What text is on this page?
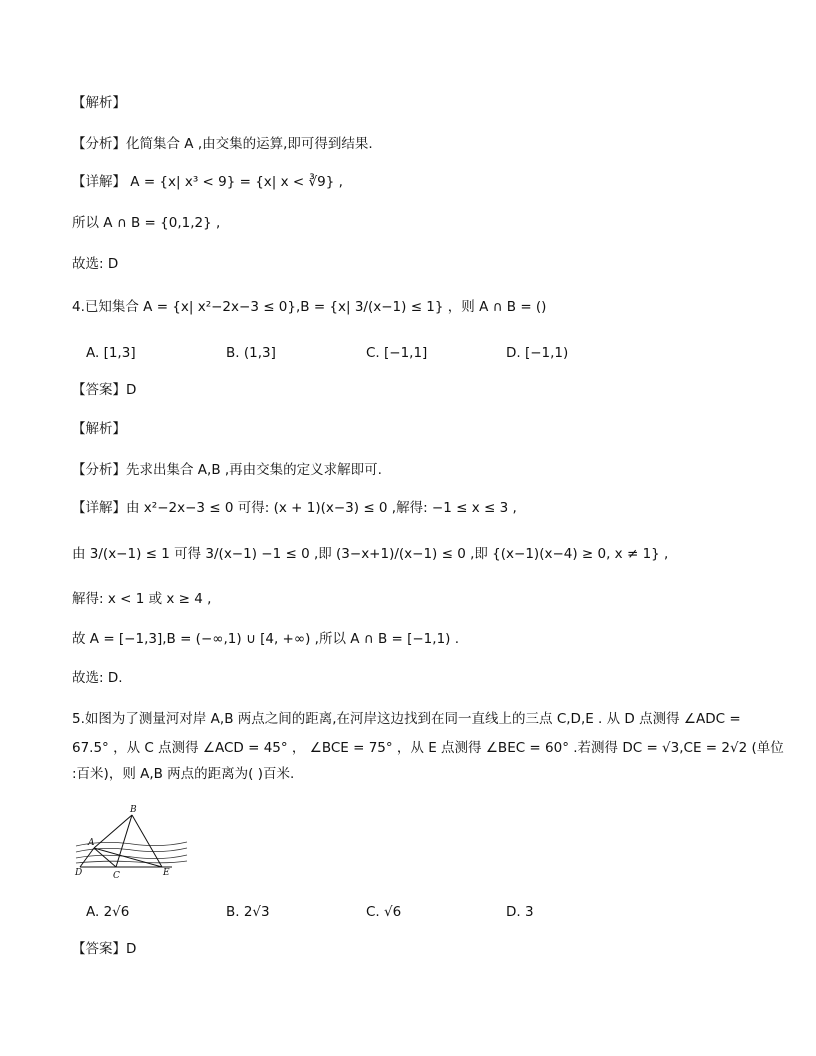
【解析】
【分析】化简集合 A ,由交集的运算,即可得到结果.
【详解】 A = {x| x³ < 9} = {x| x < ∛9} ,
所以 A ∩ B = {0,1,2} ,
故选: D
4.已知集合 A = {x| x²−2x−3 ≤ 0},B = {x| 3/(x−1) ≤ 1} ，则 A ∩ B = ()
A. [1,3]	B. (1,3]	C. [−1,1]	D. [−1,1)
【答案】D
【解析】
【分析】先求出集合 A,B ,再由交集的定义求解即可.
【详解】由 x²−2x−3 ≤ 0 可得: (x + 1)(x−3) ≤ 0 ,解得: −1 ≤ x ≤ 3 ,
由 3/(x−1) ≤ 1 可得 3/(x−1) −1 ≤ 0 ,即 (3−x+1)/(x−1) ≤ 0 ,即 {(x−1)(x−4) ≥ 0, x ≠ 1} ,
解得: x < 1 或 x ≥ 4 ,
故 A = [−1,3],B = (−∞,1) ∪ [4, +∞) ,所以 A ∩ B = [−1,1) .
故选: D.
5.如图为了测量河对岸 A,B 两点之间的距离,在河岸这边找到在同一直线上的三点 C,D,E . 从 D 点测得 ∠ADC =
67.5° ，从 C 点测得 ∠ACD = 45° ， ∠BCE = 75° ，从 E 点测得 ∠BEC = 60° .若测得 DC = √3,CE = 2√2 (单位
:百米)，则 A,B 两点的距离为( )百米.
B
A
D	C	E
A. 2√6	B. 2√3	C. √6	D. 3
【答案】D
